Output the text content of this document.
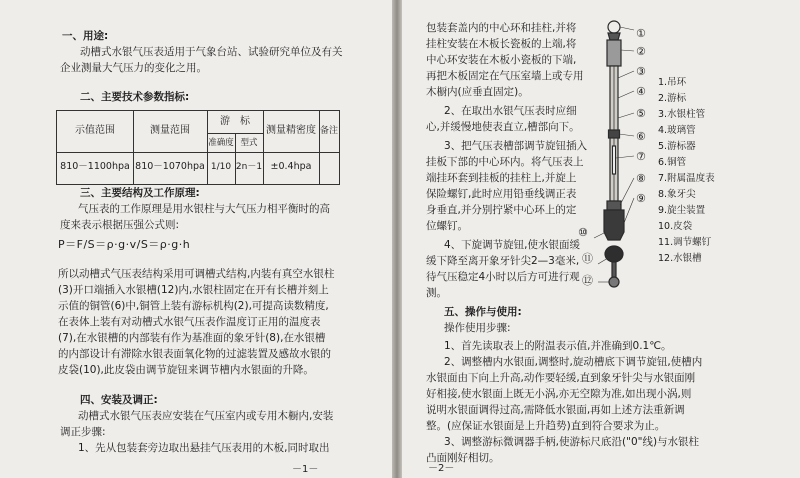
一、用途:
动槽式水银气压表适用于气象台站、试验研究单位及有关
企业测量大气压力的变化之用。
二、主要技术参数指标:
示值范围	测量范围
游　标
准确度 型式
测量精密度 备注
810－1100hpa 810－1070hpa 1/10 2n－1 ±0.4hpa
三、主要结构及工作原理:
气压表的工作原理是用水银柱与大气压力相平衡时的高
度来表示根据压强公式则:
P＝F/S＝ρ·g·v/S＝ρ·g·h
所以动槽式气压表结构采用可调槽式结构,内装有真空水银柱
(3)开口端插入水银槽(12)内,水银柱固定在开有长槽并刻上
示值的铜管(6)中,铜管上装有游标机构(2),可提高读数精度,
在表体上装有对动槽式水银气压表作温度订正用的温度表
(7),在水银槽的内部装有作为基准面的象牙针(8),在水银槽
的内部设计有滞除水银表面氧化物的过滤装置及感故水银的
皮袋(10),此皮袋由调节旋钮来调节槽内水银面的升降。
四、安装及调正:
动槽式水银气压表应安装在气压室内或专用木橱内,安装
调正步骤:
1、先从包装套旁边取出悬挂气压表用的木板,同时取出
－1－
包装套盖内的中心环和挂柱,并将
挂柱安装在木板长瓷板的上端,将
中心环安装在木板小瓷板的下端,
再把木板固定在气压室墙上或专用
木橱内(应垂直固定)。
2、在取出水银气压表时应细
心,并缓慢地使表直立,槽部向下。
3、把气压表槽部调节旋钮插入
挂板下部的中心环内。将气压表上
端挂环套到挂板的挂柱上,并旋上
保险螺钉,此时应用铅垂线调正表
身垂直,并分别拧紧中心环上的定
位螺钉。
4、下旋调节旋钮,使水银面缓
缓下降至离开象牙针尖2—3毫米,
待气压稳定4小时以后方可进行观
测。
五、操作与使用:
操作使用步骤:
1、首先读取表上的附温表示值,并准确到0.1℃。
2、调整槽内水银面,调整时,旋动槽底下调节旋钮,使槽内
水银面由下向上升高,动作要轻缓,直到象牙针尖与水银面刚
好相接,使水银面上既无小涡,亦无空隙为准,如出现小涡,则
说明水银面调得过高,需降低水银面,再如上述方法重新调
整。(应保证水银面是上升趋势)直到符合要求为止。
3、调整游标微调器手柄,使游标尺底沿("0"线)与水银柱
凸面刚好相切。
－2－
①
②
③
④
⑤
⑥
⑦
⑧
⑨
⑩
⑪
⑫
1.吊环
2.游标
3.水银柱管
4.玻璃管
5.游标器
6.铜管
7.附属温度表
8.象牙尖
9.旋尘装置
10.皮袋
11.调节螺钉
12.水银槽
